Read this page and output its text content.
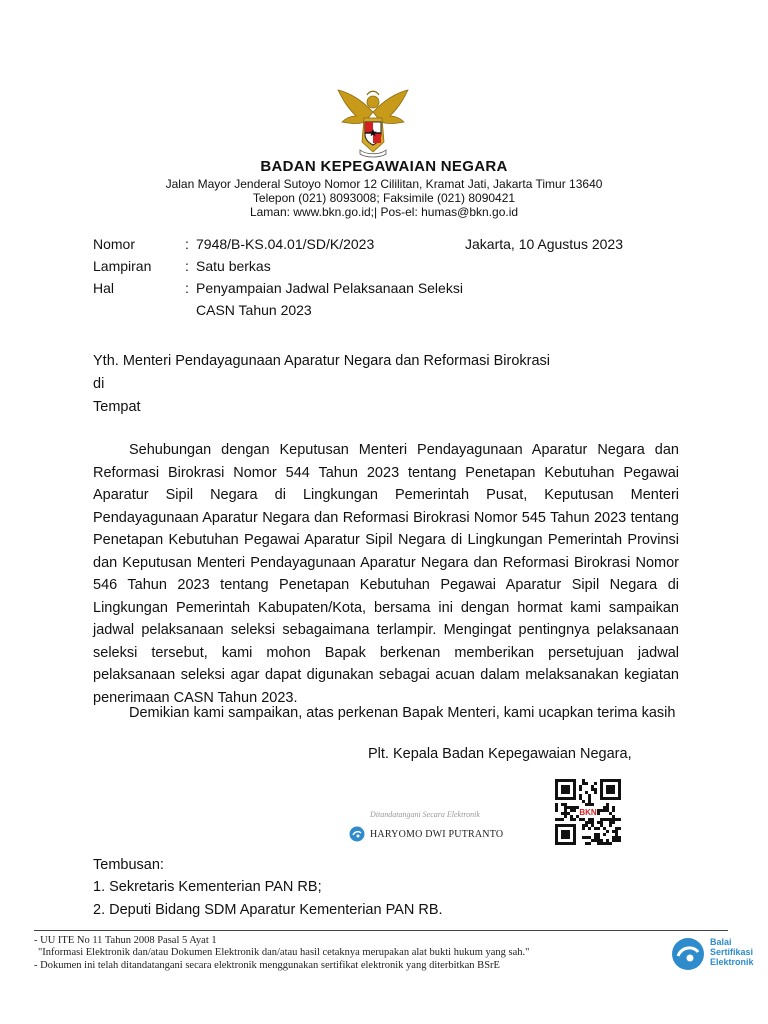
BADAN KEPEGAWAIAN NEGARA
Jalan Mayor Jenderal Sutoyo Nomor 12 Cililitan, Kramat Jati, Jakarta Timur 13640
Telepon (021) 8093008; Faksimile (021) 8090421
Laman: www.bkn.go.id;| Pos-el: humas@bkn.go.id
Nomor	: 7948/B-KS.04.01/SD/K/2023	Jakarta, 10 Agustus 2023
Lampiran : Satu berkas
Hal	: Penyampaian Jadwal Pelaksanaan Seleksi
CASN Tahun 2023
Yth. Menteri Pendayagunaan Aparatur Negara dan Reformasi Birokrasi
di
Tempat
Sehubungan dengan Keputusan Menteri Pendayagunaan Aparatur Negara dan Reformasi Birokrasi Nomor 544 Tahun 2023 tentang Penetapan Kebutuhan Pegawai Aparatur Sipil Negara di Lingkungan Pemerintah Pusat, Keputusan Menteri Pendayagunaan Aparatur Negara dan Reformasi Birokrasi Nomor 545 Tahun 2023 tentang Penetapan Kebutuhan Pegawai Aparatur Sipil Negara di Lingkungan Pemerintah Provinsi dan Keputusan Menteri Pendayagunaan Aparatur Negara dan Reformasi Birokrasi Nomor 546 Tahun 2023 tentang Penetapan Kebutuhan Pegawai Aparatur Sipil Negara di Lingkungan Pemerintah Kabupaten/Kota, bersama ini dengan hormat kami sampaikan jadwal pelaksanaan seleksi sebagaimana terlampir. Mengingat pentingnya pelaksanaan seleksi tersebut, kami mohon Bapak berkenan memberikan persetujuan jadwal pelaksanaan seleksi agar dapat digunakan sebagai acuan dalam melaksanakan kegiatan penerimaan CASN Tahun 2023.
Demikian kami sampaikan, atas perkenan Bapak Menteri, kami ucapkan terima kasih
Plt. Kepala Badan Kepegawaian Negara,
Ditandatangani Secara Elektronik
HARYOMO DWI PUTRANTO
BKN
Tembusan:
1. Sekretaris Kementerian PAN RB;
2. Deputi Bidang SDM Aparatur Kementerian PAN RB.
- UU ITE No 11 Tahun 2008 Pasal 5 Ayat 1
"Informasi Elektronik dan/atau Dokumen Elektronik dan/atau hasil cetaknya merupakan alat bukti hukum yang sah."
- Dokumen ini telah ditandatangani secara elektronik menggunakan sertifikat elektronik yang diterbitkan BSrE
Balai
Sertifikasi
Elektronik
